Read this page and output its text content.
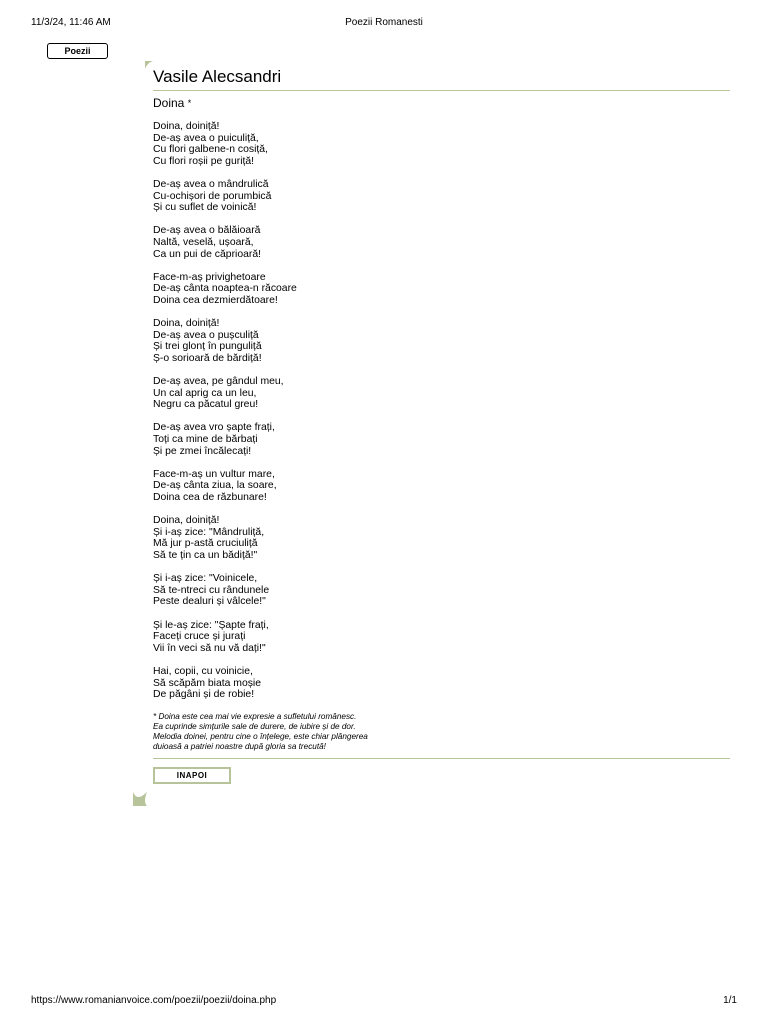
11/3/24, 11:46 AM	Poezii Romanesti
Poezii
Vasile Alecsandri
Doina *
Doina, doiniță!
De-aș avea o puiculiță,
Cu flori galbene-n cosiță,
Cu flori roșii pe guriță!
De-aș avea o mândrulică
Cu-ochișori de porumbică
Și cu suflet de voinică!
De-aș avea o bălăioară
Naltă, veselă, ușoară,
Ca un pui de căprioară!
Face-m-aș privighetoare
De-aș cânta noaptea-n răcoare
Doina cea dezmierdătoare!
Doina, doiniță!
De-aș avea o pușculiță
Și trei glonț în punguliță
Ș-o sorioară de bărdiță!
De-aș avea, pe gândul meu,
Un cal aprig ca un leu,
Negru ca păcatul greu!
De-aș avea vro șapte frați,
Toți ca mine de bărbați
Și pe zmei încălecați!
Face-m-aș un vultur mare,
De-aș cânta ziua, la soare,
Doina cea de răzbunare!
Doina, doiniță!
Și i-aș zice: "Mândruliță,
Mă jur p-astă cruciuliță
Să te țin ca un bădiță!"
Și i-aș zice: "Voinicele,
Să te-ntreci cu rândunele
Peste dealuri și vâlcele!"
Și le-aș zice: "Șapte frați,
Faceți cruce și jurați
Vii în veci să nu vă dați!"
Hai, copii, cu voinicie,
Să scăpăm biata moșie
De păgâni și de robie!
* Doina este cea mai vie expresie a sufletului românesc.
Ea cuprinde simțurile sale de durere, de iubire și de dor.
Melodia doinei, pentru cine o înțelege, este chiar plângerea
duioasă a patriei noastre după gloria sa trecută!
INAPOI
https://www.romanianvoice.com/poezii/poezii/doina.php	1/1
